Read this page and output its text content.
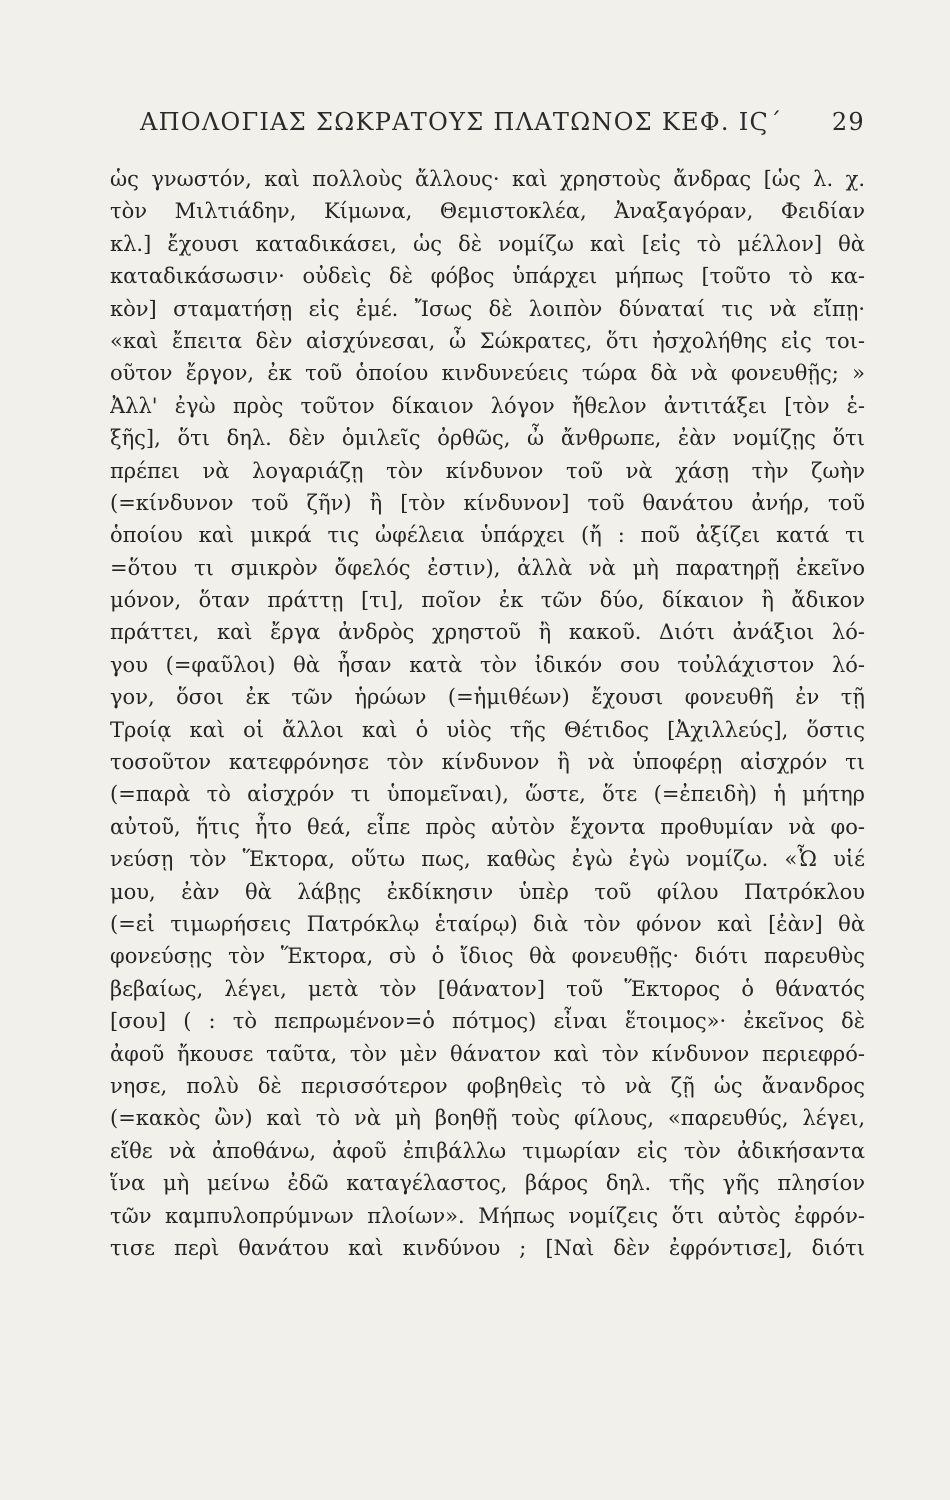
ΑΠΟΛΟΓΙΑΣ ΣΩΚΡΑΤΟΥΣ ΠΛΑΤΩΝΟΣ ΚΕΦ. ΙϚ΄ 29
ὡς γνωστόν, καὶ πολλοὺς ἄλλους· καὶ χρηστοὺς ἄνδρας [ὡς λ. χ.
τὸν Μιλτιάδην, Κίμωνα, Θεμιστοκλέα, Ἀναξαγόραν, Φειδίαν
κλ.] ἔχουσι καταδικάσει, ὡς δὲ νομίζω καὶ [εἰς τὸ μέλλον] θὰ
καταδικάσωσιν· οὐδεὶς δὲ φόβος ὑπάρχει μήπως [τοῦτο τὸ κα-
κὸν] σταματήσῃ εἰς ἐμέ. Ἴσως δὲ λοιπὸν δύναταί τις νὰ εἴπῃ·
«καὶ ἔπειτα δὲν αἰσχύνεσαι, ὦ Σώκρατες, ὅτι ἠσχολήθης εἰς τοι-
οῦτον ἔργον, ἐκ τοῦ ὁποίου κινδυνεύεις τώρα δὰ νὰ φονευθῇς; »
Ἀλλ' ἐγὼ πρὸς τοῦτον δίκαιον λόγον ἤθελον ἀντιτάξει [τὸν ἑ-
ξῆς], ὅτι δηλ. δὲν ὁμιλεῖς ὀρθῶς, ὦ ἄνθρωπε, ἐὰν νομίζῃς ὅτι
πρέπει νὰ λογαριάζῃ τὸν κίνδυνον τοῦ νὰ χάσῃ τὴν ζωὴν
(=κίνδυνον τοῦ ζῆν) ἢ [τὸν κίνδυνον] τοῦ θανάτου ἀνήρ, τοῦ
ὁποίου καὶ μικρά τις ὠφέλεια ὑπάρχει (ἤ : ποῦ ἀξίζει κατά τι
=ὅτου τι σμικρὸν ὄφελός ἐστιν), ἀλλὰ νὰ μὴ παρατηρῇ ἐκεῖνο
μόνον, ὅταν πράττῃ [τι], ποῖον ἐκ τῶν δύο, δίκαιον ἢ ἄδικον
πράττει, καὶ ἔργα ἀνδρὸς χρηστοῦ ἢ κακοῦ. Διότι ἀνάξιοι λό-
γου (=φαῦλοι) θὰ ἦσαν κατὰ τὸν ἰδικόν σου τοὐλάχιστον λό-
γον, ὅσοι ἐκ τῶν ἡρώων (=ἡμιθέων) ἔχουσι φονευθῆ ἐν τῇ
Τροίᾳ καὶ οἱ ἄλλοι καὶ ὁ υἱὸς τῆς Θέτιδος [Ἀχιλλεύς], ὅστις
τοσοῦτον κατεφρόνησε τὸν κίνδυνον ἢ νὰ ὑποφέρῃ αἰσχρόν τι
(=παρὰ τὸ αἰσχρόν τι ὑπομεῖναι), ὥστε, ὅτε (=ἐπειδὴ) ἡ μήτηρ
αὐτοῦ, ἥτις ἦτο θεά, εἶπε πρὸς αὐτὸν ἔχοντα προθυμίαν νὰ φο-
νεύσῃ τὸν Ἕκτορα, οὕτω πως, καθὼς ἐγὼ ἐγὼ νομίζω. «Ὦ υἱέ
μου, ἐὰν θὰ λάβῃς ἐκδίκησιν ὑπὲρ τοῦ φίλου Πατρόκλου
(=εἰ τιμωρήσεις Πατρόκλῳ ἑταίρῳ) διὰ τὸν φόνον καὶ [ἐὰν] θὰ
φονεύσῃς τὸν Ἕκτορα, σὺ ὁ ἴδιος θὰ φονευθῇς· διότι παρευθὺς
βεβαίως, λέγει, μετὰ τὸν [θάνατον] τοῦ Ἕκτορος ὁ θάνατός
[σου] ( : τὸ πεπρωμένον=ὁ πότμος) εἶναι ἕτοιμος»· ἐκεῖνος δὲ
ἀφοῦ ἤκουσε ταῦτα, τὸν μὲν θάνατον καὶ τὸν κίνδυνον περιεφρό-
νησε, πολὺ δὲ περισσότερον φοβηθεὶς τὸ νὰ ζῇ ὡς ἄνανδρος
(=κακὸς ὢν) καὶ τὸ νὰ μὴ βοηθῇ τοὺς φίλους, «παρευθύς, λέγει,
εἴθε νὰ ἀποθάνω, ἀφοῦ ἐπιβάλλω τιμωρίαν εἰς τὸν ἀδικήσαντα
ἵνα μὴ μείνω ἐδῶ καταγέλαστος, βάρος δηλ. τῆς γῆς πλησίον
τῶν καμπυλοπρύμνων πλοίων». Μήπως νομίζεις ὅτι αὐτὸς ἐφρόν-
τισε περὶ θανάτου καὶ κινδύνου ; [Ναὶ δὲν ἐφρόντισε], διότι
